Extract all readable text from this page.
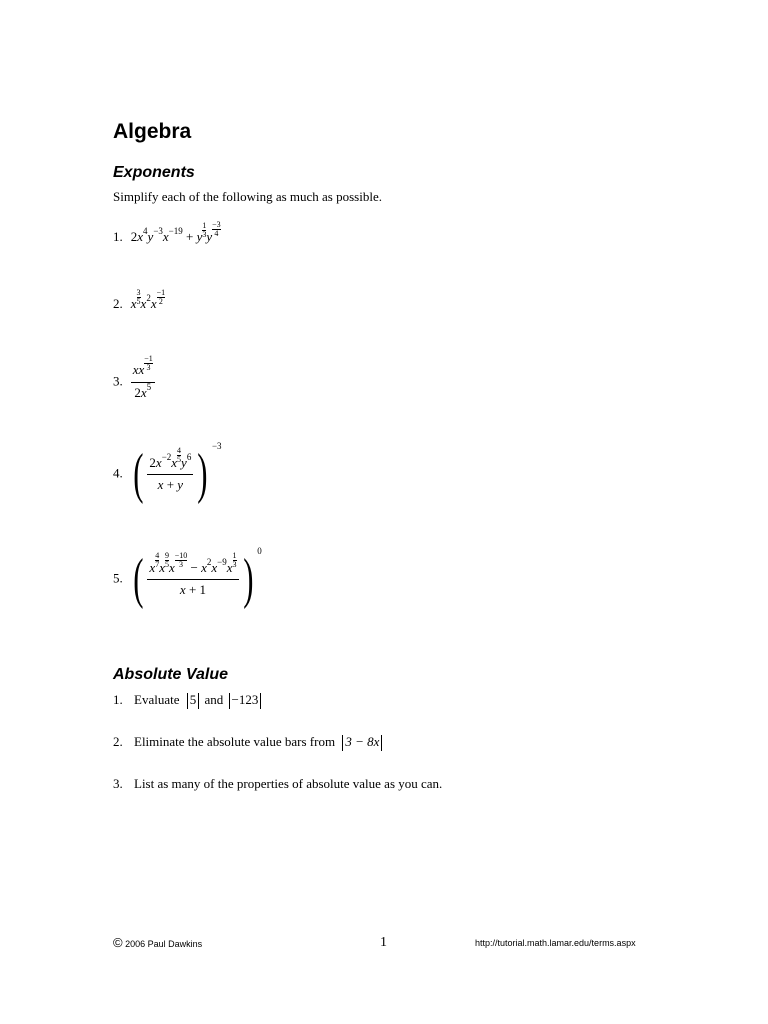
Algebra
Exponents
Simplify each of the following as much as possible.
1. $2x^4y^{-3}x^{-19} + y \frac{1}{3}$ y $\frac{-3}{4}$
2. x $\frac{3}{5} x^2x \frac{-1}{2}$
3. $\frac{xx \frac{-1}{3}}{2x^5}$
4. ( $\frac{2x^{-2}x \frac{4}{5} y^6}{x + y}$ ) $^{-3}$
5. ( $\frac{x \frac{4}{7} x \frac{9}{5} x \frac{-10}{3} - x^2x^{-9}x \frac{1}{3}}{x + 1}$ ) $^0$
Absolute Value
1. Evaluate 5 and −123
2. Eliminate the absolute value bars from 3 − 8x
3. List as many of the properties of absolute value as you can.
© 2006 Paul Dawkins	1	http://tutorial.math.lamar.edu/terms.aspx
